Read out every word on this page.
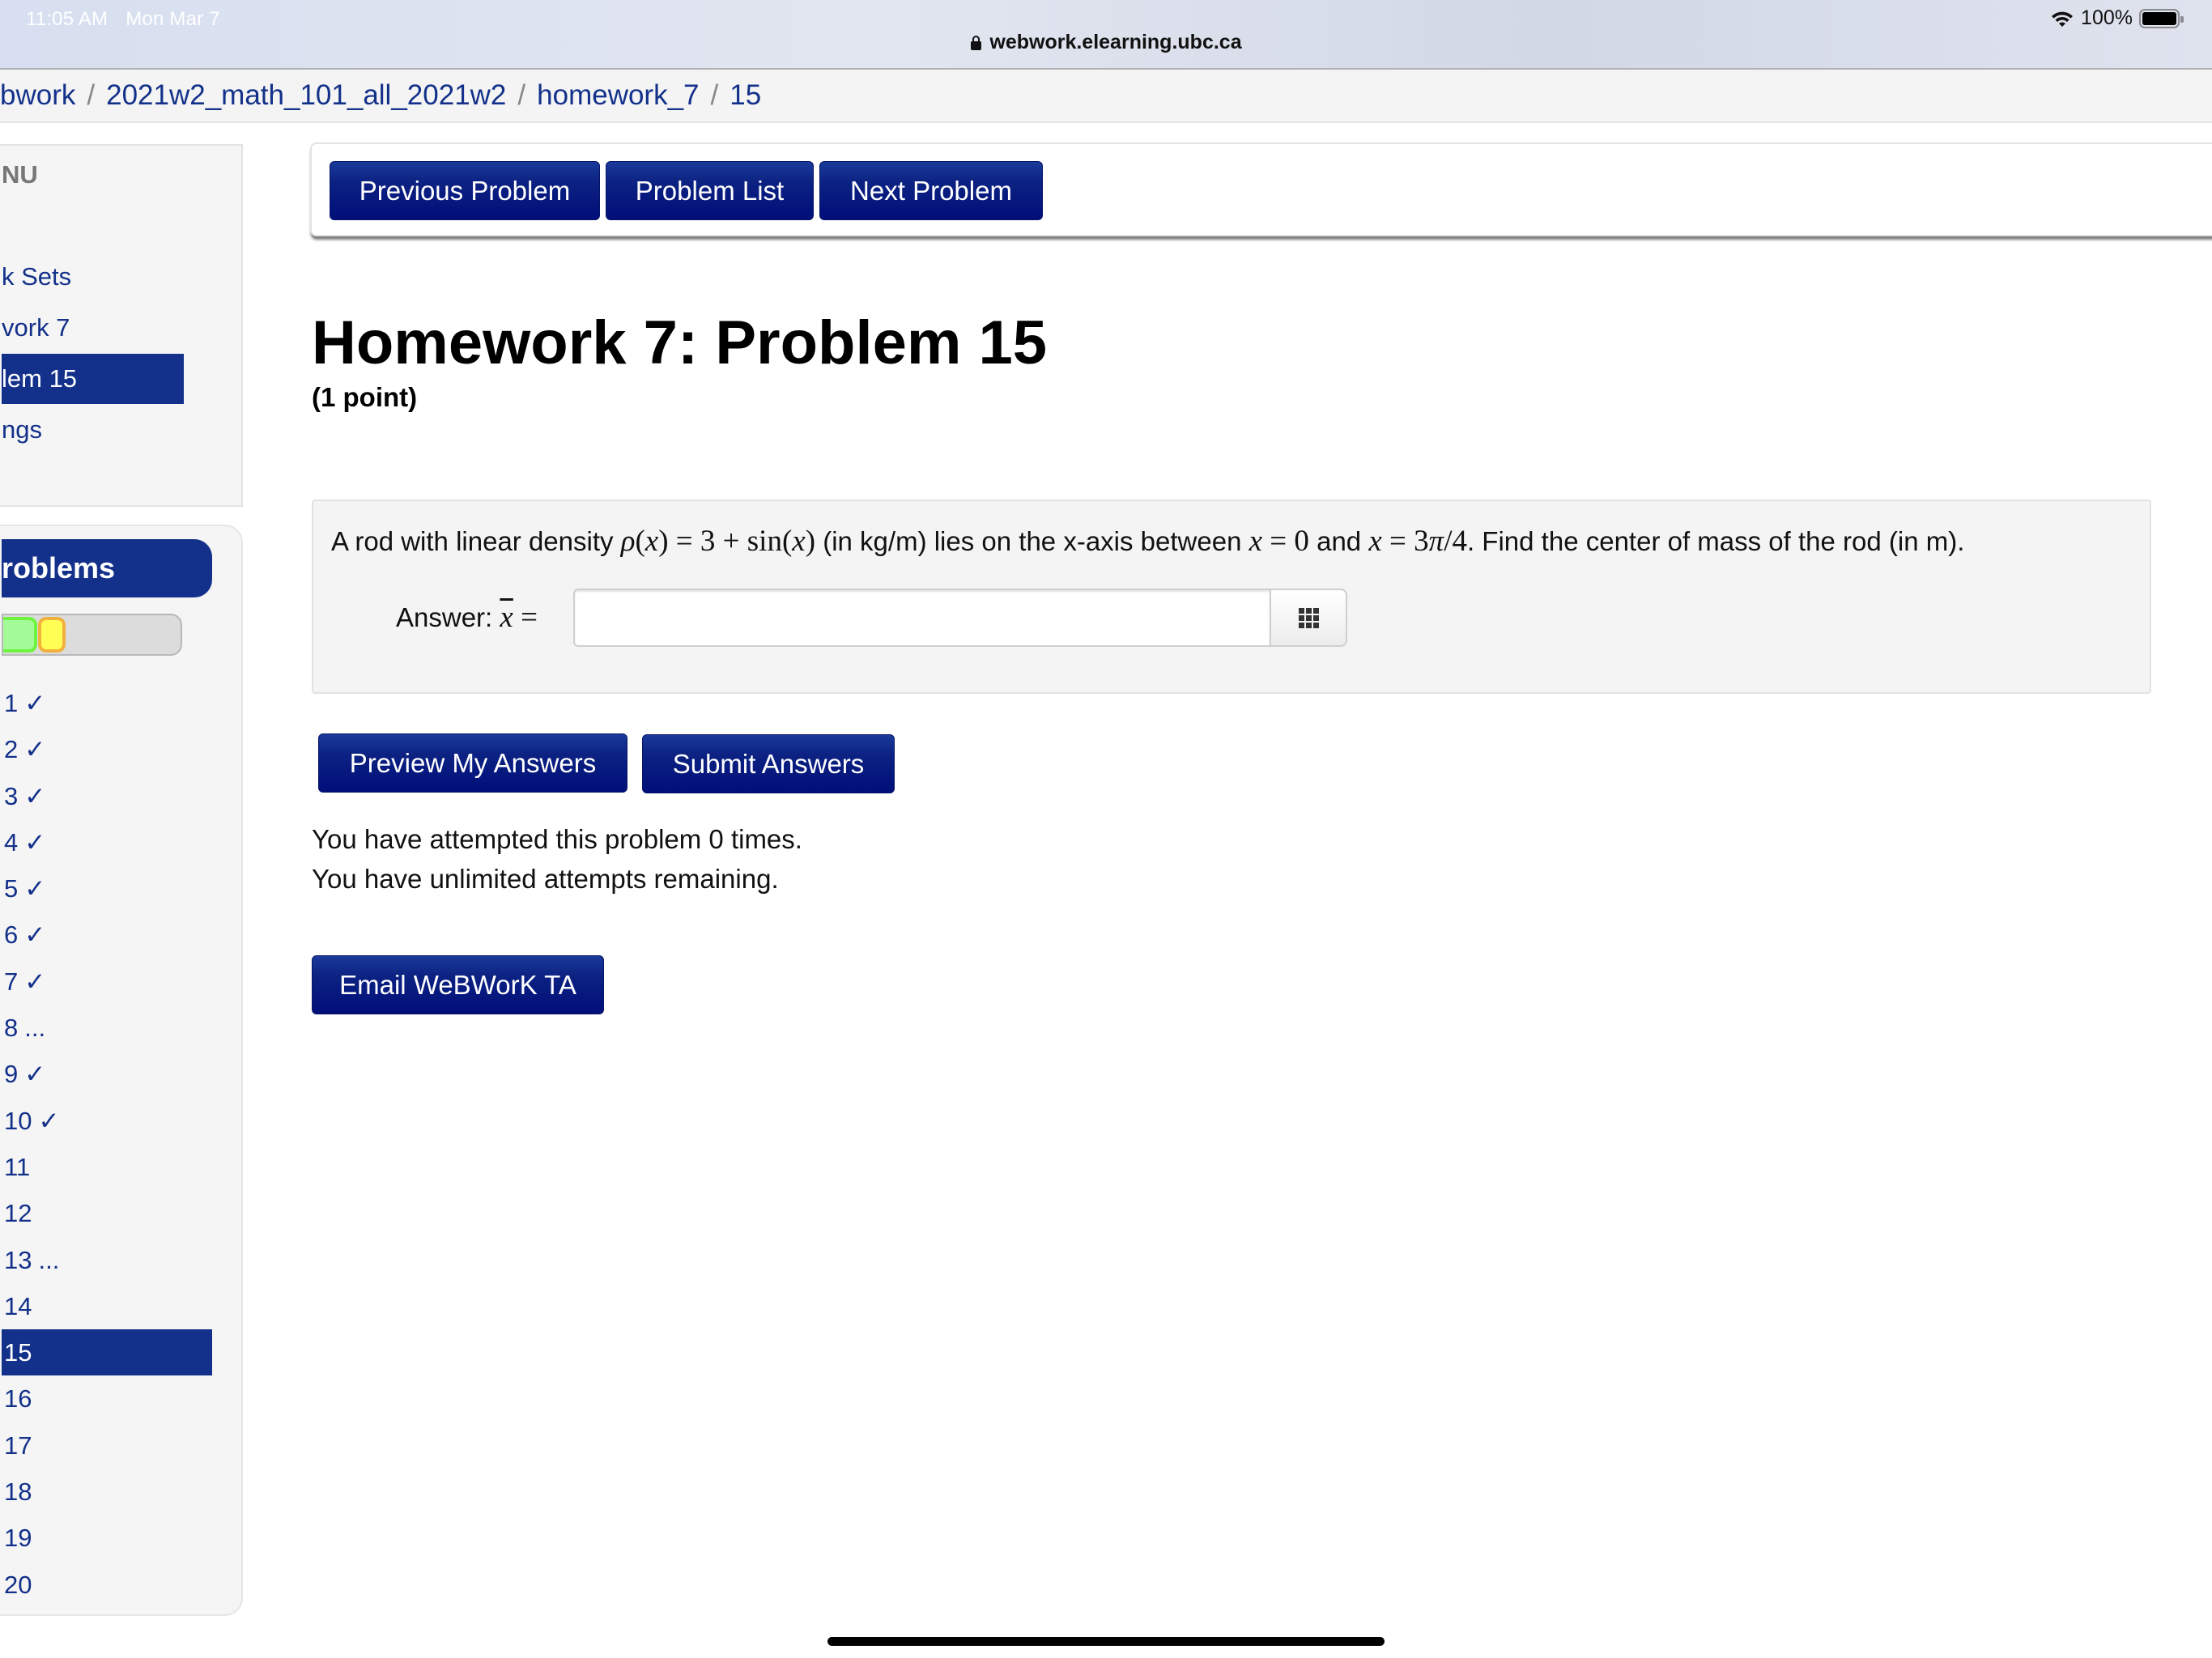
11:05 AM Mon Mar 7
webwork.elearning.ubc.ca
100%
bwork / 2021w2_math_101_all_2021w2 / homework_7 / 15
NU
k Sets
vork 7
lem 15
ngs
roblems
1 ✓
2 ✓
3 ✓
4 ✓
5 ✓
6 ✓
7 ✓
8 ...
9 ✓
10 ✓
11
12
13 ...
14
15
16
17
18
19
20
Previous Problem	Problem List	Next Problem
Homework 7: Problem 15
(1 point)
A rod with linear density ρ(x) = 3 + sin(x) (in kg/m) lies on the x-axis between x = 0 and x = 3π/4. Find the center of mass of the rod (in m).
Answer: $\overline{x}$ =
Preview My Answers	Submit Answers
You have attempted this problem 0 times.
You have unlimited attempts remaining.
Email WeBWorK TA
